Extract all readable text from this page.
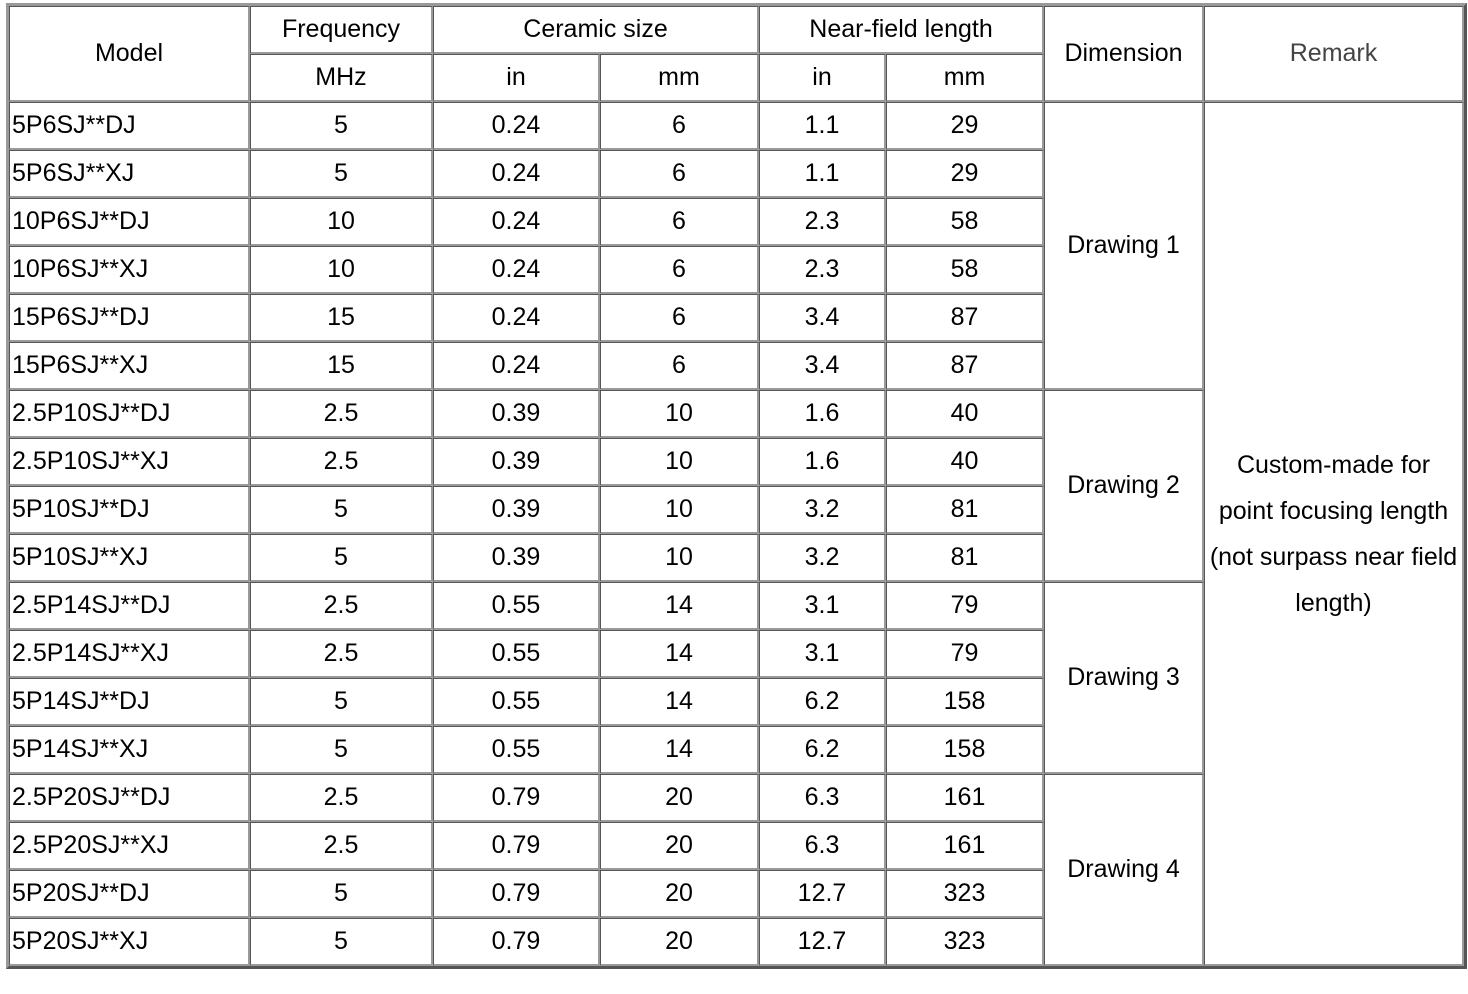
Model	Frequency	Ceramic size		Near-field length		Dimension	Remark
	MHz	in	mm	in	mm		
5P6SJ**DJ	5	0.24	6	1.1	29	Drawing 1	Custom-made for point focusing length (not surpass near field length)
5P6SJ**XJ	5	0.24	6	1.1	29		
10P6SJ**DJ	10	0.24	6	2.3	58		
10P6SJ**XJ	10	0.24	6	2.3	58		
15P6SJ**DJ	15	0.24	6	3.4	87		
15P6SJ**XJ	15	0.24	6	3.4	87		
2.5P10SJ**DJ	2.5	0.39	10	1.6	40	Drawing 2	
2.5P10SJ**XJ	2.5	0.39	10	1.6	40		
5P10SJ**DJ	5	0.39	10	3.2	81		
5P10SJ**XJ	5	0.39	10	3.2	81		
2.5P14SJ**DJ	2.5	0.55	14	3.1	79	Drawing 3	
2.5P14SJ**XJ	2.5	0.55	14	3.1	79		
5P14SJ**DJ	5	0.55	14	6.2	158		
5P14SJ**XJ	5	0.55	14	6.2	158		
2.5P20SJ**DJ	2.5	0.79	20	6.3	161	Drawing 4	
2.5P20SJ**XJ	2.5	0.79	20	6.3	161		
5P20SJ**DJ	5	0.79	20	12.7	323		
5P20SJ**XJ	5	0.79	20	12.7	323		
